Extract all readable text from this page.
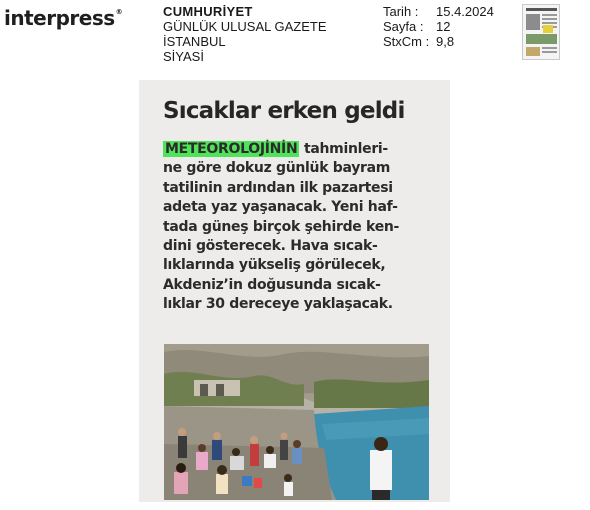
interpress®	CUMHURİYET
GÜNLÜK ULUSAL GAZETE
İSTANBUL
SİYASİ
Tarih :	15.4.2024
Sayfa : 12
StxCm : 9,8
Sıcaklar erken geldi
METEOROLOJİNİN tahminleri-
ne göre dokuz günlük bayram
tatilinin ardından ilk pazartesi
adeta yaz yaşanacak. Yeni haf-
tada güneş birçok şehirde ken-
dini gösterecek. Hava sıcak-
lıklarında yükseliş görülecek,
Akdeniz’in doğusunda sıcak-
lıklar 30 dereceye yaklaşacak.
